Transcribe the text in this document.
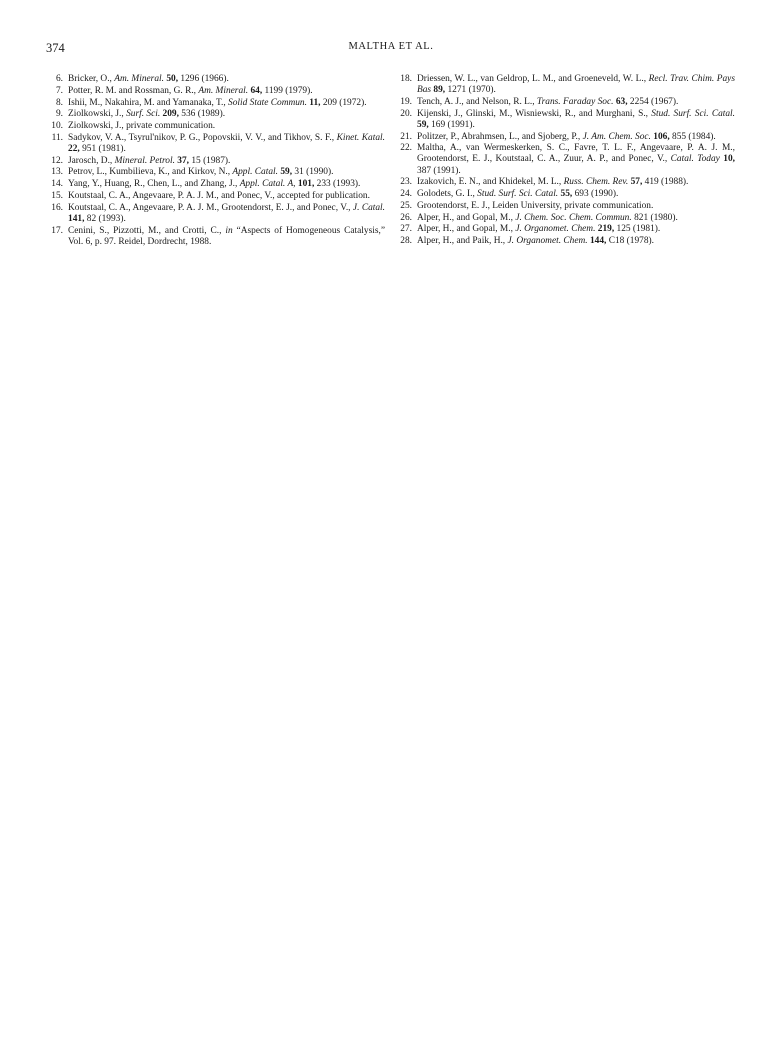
374	MALTHA ET AL.
6. Bricker, O., Am. Mineral. 50, 1296 (1966).
7. Potter, R. M. and Rossman, G. R., Am. Mineral. 64, 1199 (1979).
8. Ishii, M., Nakahira, M. and Yamanaka, T., Solid State Commun. 11, 209 (1972).
9. Ziolkowski, J., Surf. Sci. 209, 536 (1989).
10. Ziolkowski, J., private communication.
11. Sadykov, V. A., Tsyrul'nikov, P. G., Popovskii, V. V., and Tikhov, S. F., Kinet. Katal. 22, 951 (1981).
12. Jarosch, D., Mineral. Petrol. 37, 15 (1987).
13. Petrov, L., Kumbilieva, K., and Kirkov, N., Appl. Catal. 59, 31 (1990).
14. Yang, Y., Huang, R., Chen, L., and Zhang, J., Appl. Catal. A, 101, 233 (1993).
15. Koutstaal, C. A., Angevaare, P. A. J. M., and Ponec, V., accepted for publication.
16. Koutstaal, C. A., Angevaare, P. A. J. M., Grootendorst, E. J., and Ponec, V., J. Catal. 141, 82 (1993).
17. Cenini, S., Pizzotti, M., and Crotti, C., in “Aspects of Homogeneous Catalysis,” Vol. 6, p. 97. Reidel, Dordrecht, 1988.
18. Driessen, W. L., van Geldrop, L. M., and Groeneveld, W. L., Recl. Trav. Chim. Pays Bas 89, 1271 (1970).
19. Tench, A. J., and Nelson, R. L., Trans. Faraday Soc. 63, 2254 (1967).
20. Kijenski, J., Glinski, M., Wisniewski, R., and Murghani, S., Stud. Surf. Sci. Catal. 59, 169 (1991).
21. Politzer, P., Abrahmsen, L., and Sjoberg, P., J. Am. Chem. Soc. 106, 855 (1984).
22. Maltha, A., van Wermeskerken, S. C., Favre, T. L. F., Angevaare, P. A. J. M., Grootendorst, E. J., Koutstaal, C. A., Zuur, A. P., and Ponec, V., Catal. Today 10, 387 (1991).
23. Izakovich, E. N., and Khidekel, M. L., Russ. Chem. Rev. 57, 419 (1988).
24. Golodets, G. I., Stud. Surf. Sci. Catal. 55, 693 (1990).
25. Grootendorst, E. J., Leiden University, private communication.
26. Alper, H., and Gopal, M., J. Chem. Soc. Chem. Commun. 821 (1980).
27. Alper, H., and Gopal, M., J. Organomet. Chem. 219, 125 (1981).
28. Alper, H., and Paik, H., J. Organomet. Chem. 144, C18 (1978).
